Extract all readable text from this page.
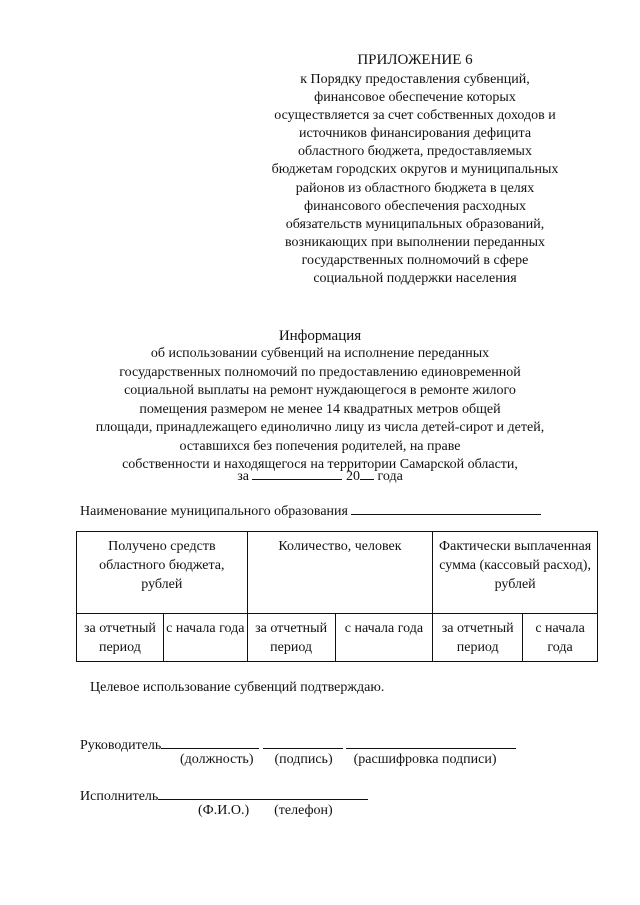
ПРИЛОЖЕНИЕ 6
к Порядку предоставления субвенций,
финансовое обеспечение которых
осуществляется за счет собственных доходов и
источников финансирования дефицита
областного бюджета, предоставляемых
бюджетам городских округов и муниципальных
районов из областного бюджета в целях
финансового обеспечения расходных
обязательств муниципальных образований,
возникающих при выполнении переданных
государственных полномочий в сфере
социальной поддержки населения
Информация
об использовании субвенций на исполнение переданных
государственных полномочий по предоставлению единовременной
социальной выплаты на ремонт нуждающегося в ремонте жилого
помещения размером не менее 14 квадратных метров общей
площади, принадлежащего единолично лицу из числа детей-сирот и детей,
оставшихся без попечения родителей, на праве
собственности и находящегося на территории Самарской области,
за	20 года
Наименование муниципального образования
Получено средств областного бюджета, рублей		Количество, человек		Фактически выплаченная сумма (кассовый расход), рублей	
за отчетный период	с начала года	за отчетный период	с начала года	за отчетный период	с начала года
Целевое использование субвенций подтверждаю.
Руководитель
(должность) (подпись) (расшифровка подписи)
Исполнитель
(Ф.И.О.) (телефон)
